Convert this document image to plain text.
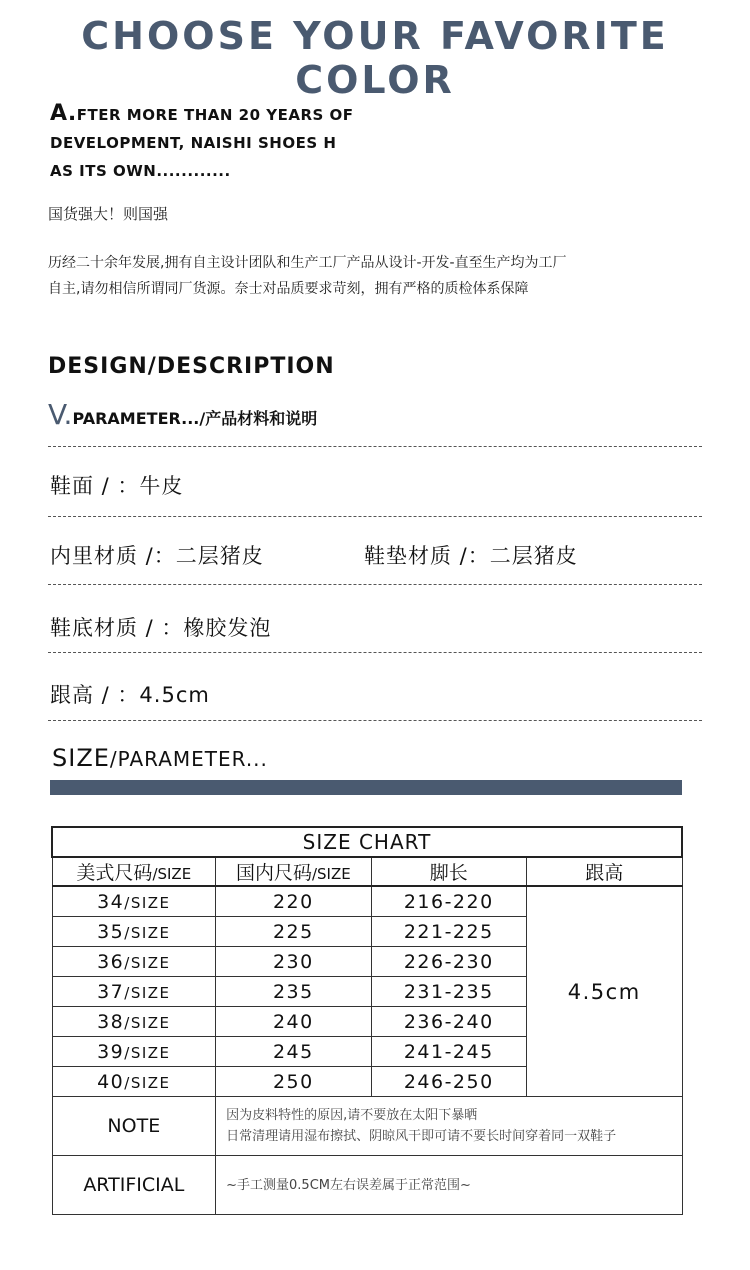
CHOOSE YOUR FAVORITE COLOR
A.FTER MORE THAN 20 YEARS OF
DEVELOPMENT, NAISHI SHOES H
AS ITS OWN............
国货强大！则国强
历经二十余年发展,拥有自主设计团队和生产工厂产品从设计-开发-直至生产均为工厂
自主,请勿相信所谓同厂货源。奈士对品质要求苛刻，拥有严格的质检体系保障
DESIGN/DESCRIPTION
V.PARAMETER.../产品材料和说明
鞋面 / ：牛皮
内里材质 /：二层猪皮	鞋垫材质 /：二层猪皮
鞋底材质 / ：橡胶发泡
跟高 / ：4.5cm
SIZE/PARAMETER...
SIZE CHART			
美式尺码/SIZE	国内尺码/SIZE	脚长	跟高
34/SIZE	220	216-220	4.5cm
35/SIZE	225	221-225	
36/SIZE	230	226-230	
37/SIZE	235	231-235	
38/SIZE	240	236-240	
39/SIZE	245	241-245	
40/SIZE	250	246-250	
NOTE	因为皮料特性的原因,请不要放在太阳下暴晒
日常清理请用湿布擦拭、阴晾风干即可请不要长时间穿着同一双鞋子		

ARTIFICIAL	~手工测量0.5CM左右误差属于正常范围~		
